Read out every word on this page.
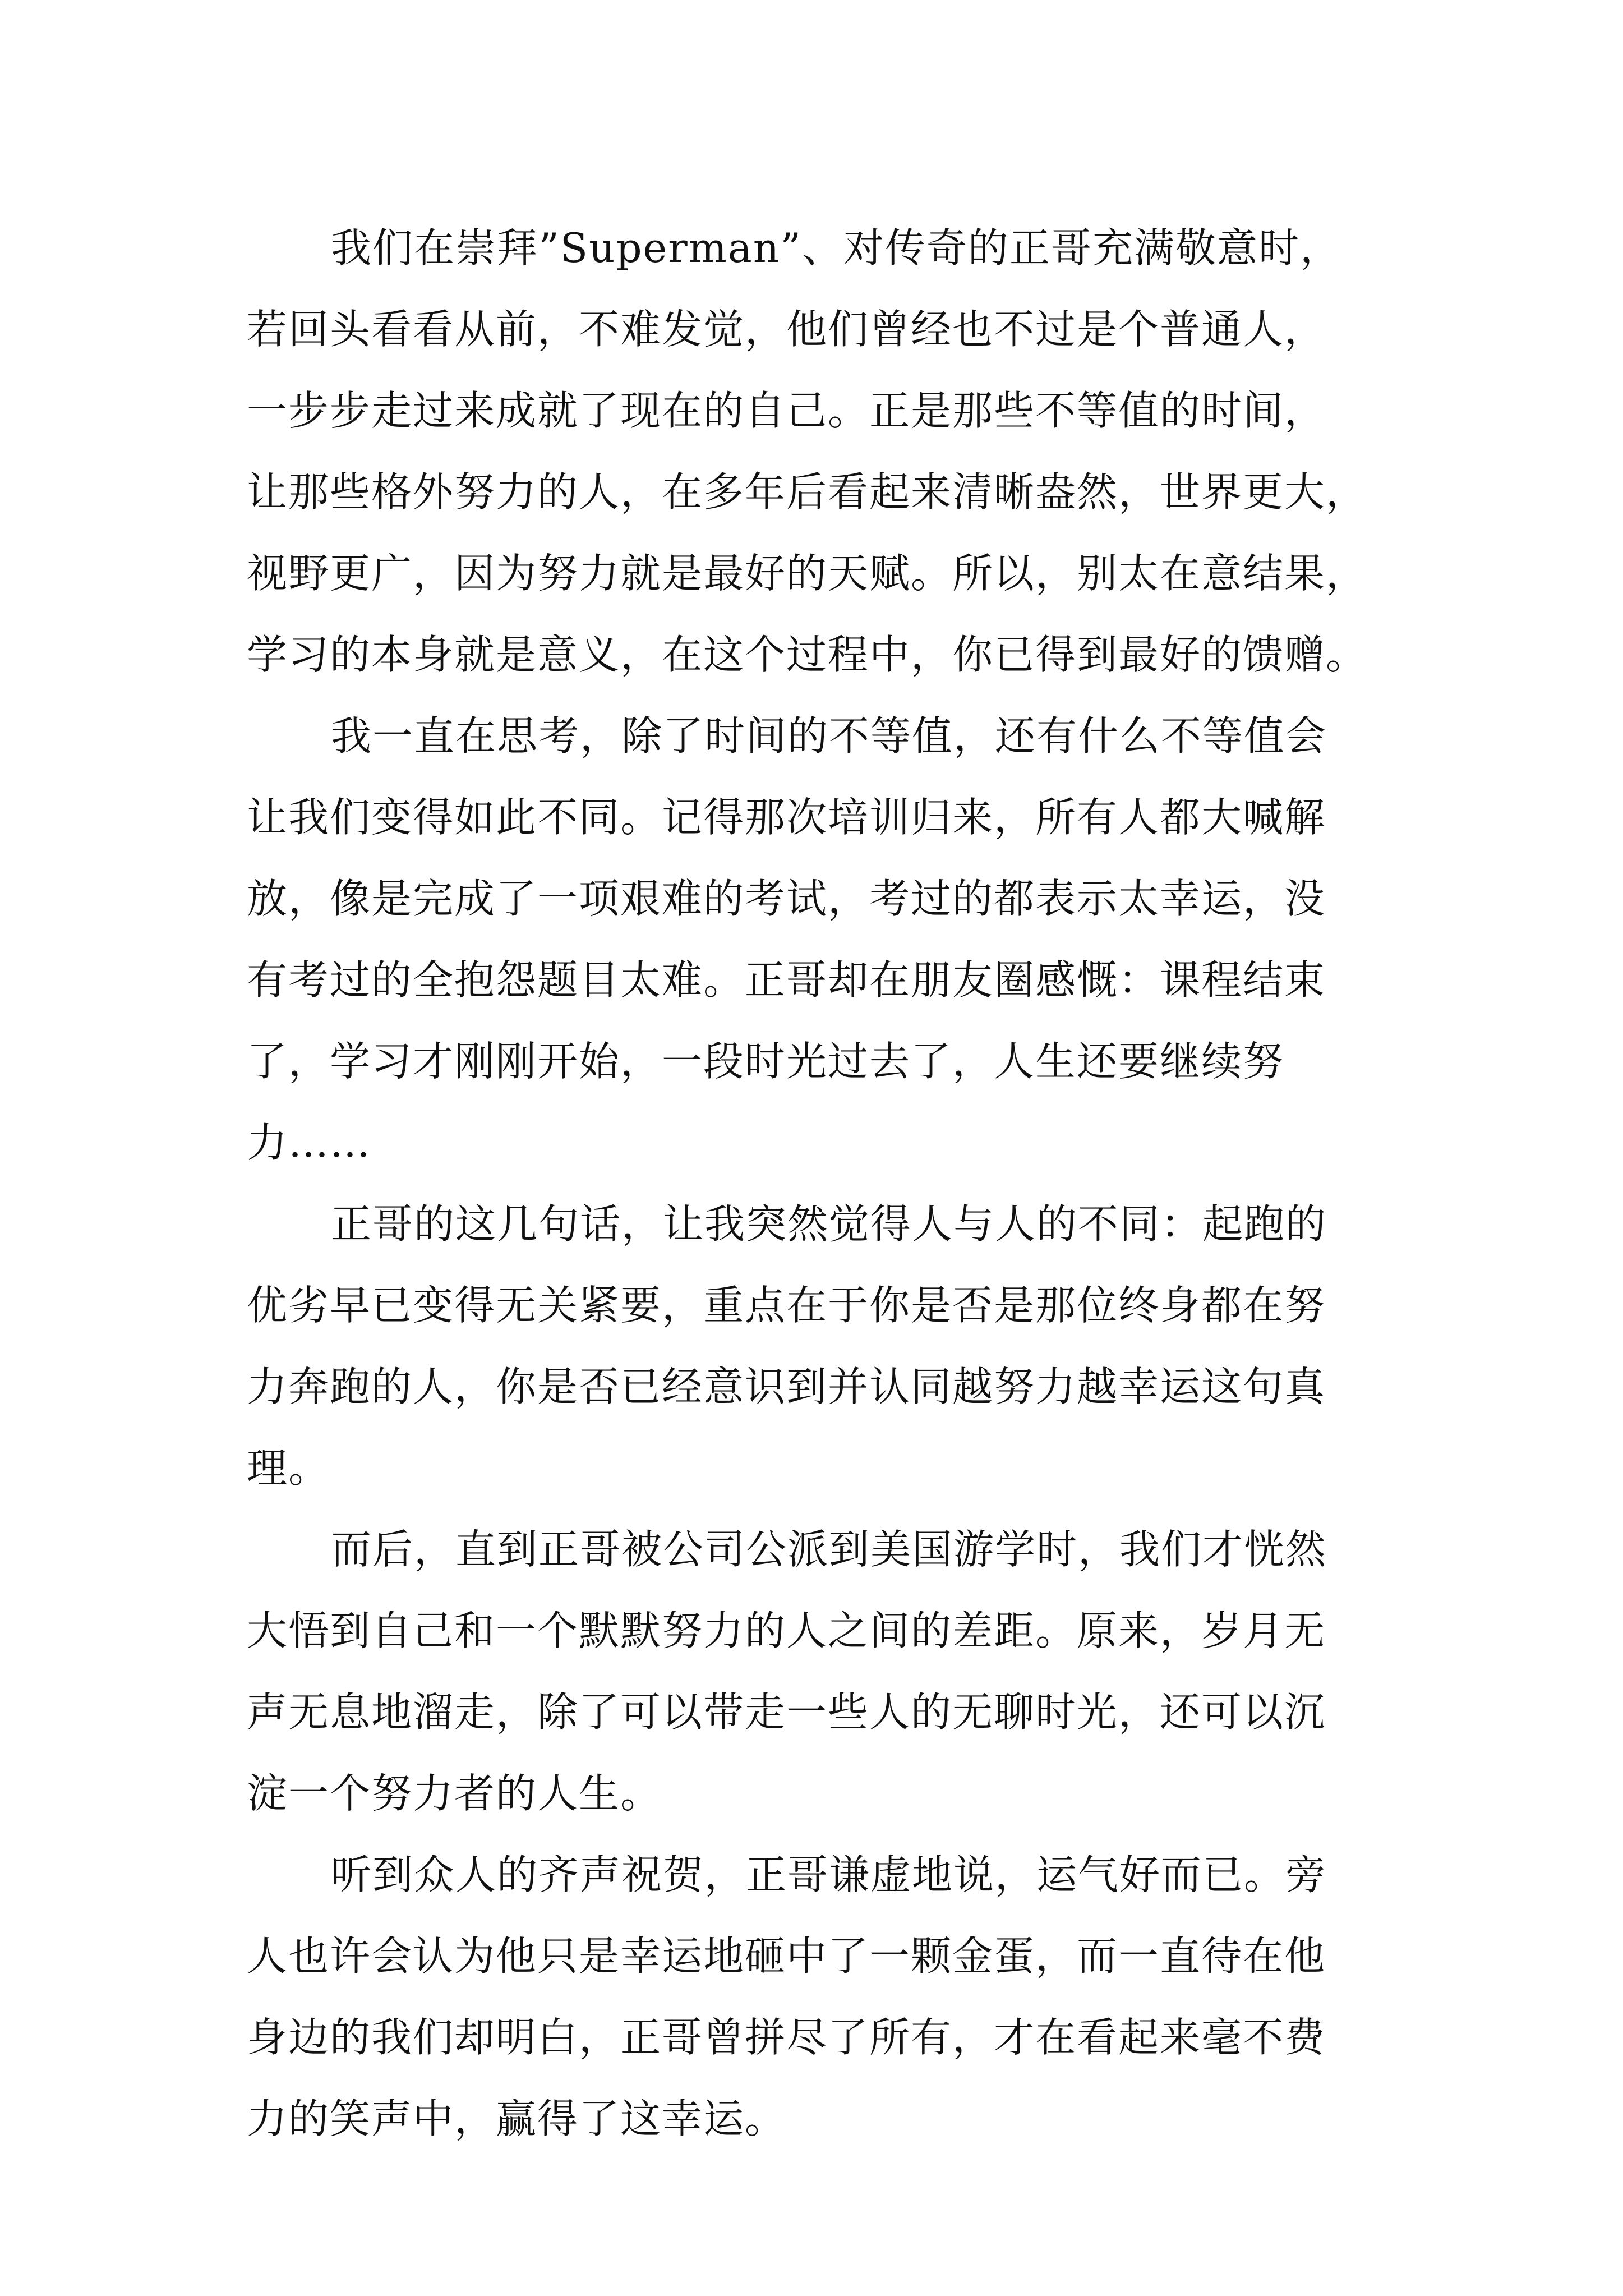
我们在崇拜”Superman”、对传奇的正哥充满敬意时，
若回头看看从前，不难发觉，他们曾经也不过是个普通人，
一步步走过来成就了现在的自己。正是那些不等值的时间，
让那些格外努力的人，在多年后看起来清晰盎然，世界更大，
视野更广，因为努力就是最好的天赋。所以，别太在意结果，
学习的本身就是意义，在这个过程中，你已得到最好的馈赠。
我一直在思考，除了时间的不等值，还有什么不等值会
让我们变得如此不同。记得那次培训归来，所有人都大喊解
放，像是完成了一项艰难的考试，考过的都表示太幸运，没
有考过的全抱怨题目太难。正哥却在朋友圈感慨：课程结束
了，学习才刚刚开始，一段时光过去了，人生还要继续努
力……
正哥的这几句话，让我突然觉得人与人的不同：起跑的
优劣早已变得无关紧要，重点在于你是否是那位终身都在努
力奔跑的人，你是否已经意识到并认同越努力越幸运这句真
理。
而后，直到正哥被公司公派到美国游学时，我们才恍然
大悟到自己和一个默默努力的人之间的差距。原来，岁月无
声无息地溜走，除了可以带走一些人的无聊时光，还可以沉
淀一个努力者的人生。
听到众人的齐声祝贺，正哥谦虚地说，运气好而已。旁
人也许会认为他只是幸运地砸中了一颗金蛋，而一直待在他
身边的我们却明白，正哥曾拼尽了所有，才在看起来毫不费
力的笑声中，赢得了这幸运。
